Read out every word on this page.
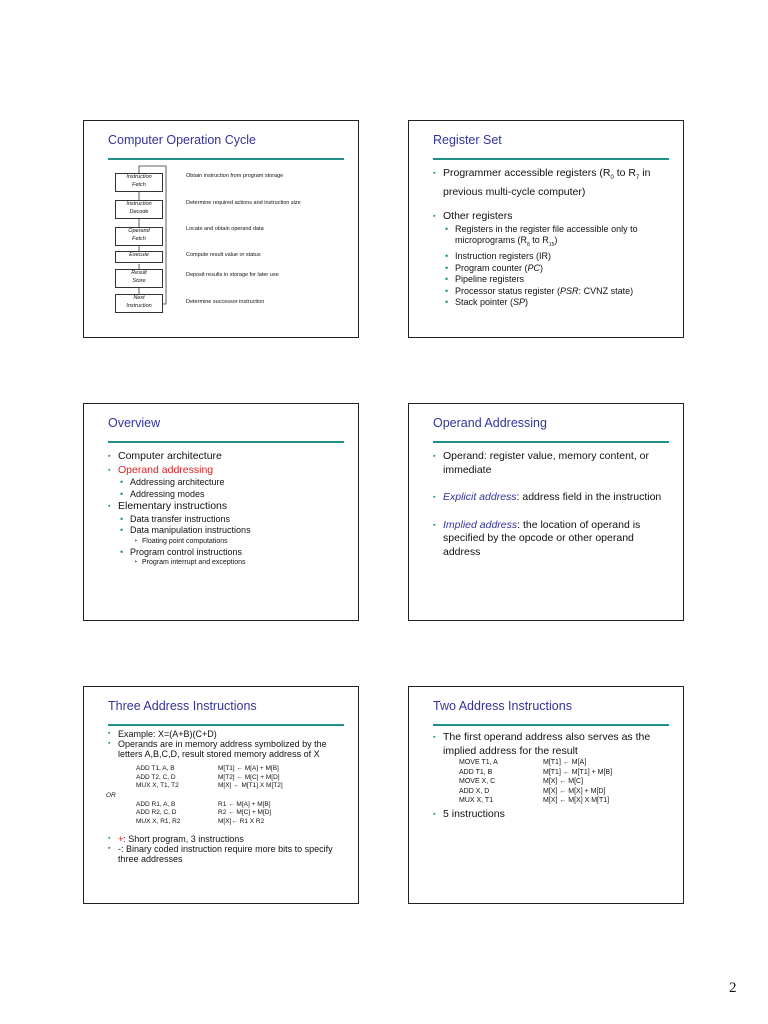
Computer Operation Cycle
Instruction
Fetch
Instruction
Decode
Operand
Fetch
Execute
Result
Store
Next
Instruction
Obtain instruction from program storage
Determine required actions and instruction size
Locate and obtain operand data
Compute result value or status
Deposit results in storage for later use
Determine successor instruction
Register Set
▪ Programmer accessible registers ($R_0$ to $R_7$ in previous multi-cycle computer)
▪ Other registers
• Registers in the register file accessible only to microprograms ($R_8$ to $R_{15}$)
• Instruction registers (IR)
• Program counter (PC)
• Pipeline registers
• Processor status register (PSR: CVNZ state)
• Stack pointer (SP)
Overview
▪ Computer architecture
▪ Operand addressing
• Addressing architecture
• Addressing modes
▪ Elementary instructions
• Data transfer instructions
• Data manipulation instructions
‣ Floating point computations
• Program control instructions
‣ Program interrupt and exceptions
Operand Addressing
▪ Operand: register value, memory content, or immediate
▪ Explicit address: address field in the instruction
▪ Implied address: the location of operand is specified by the opcode or other operand address
Three Address Instructions
▪ Example: X=(A+B)(C+D)
▪ Operands are in memory address symbolized by the letters A,B,C,D, result stored memory address of X
ADD T1, A, B	M[T1] ← M[A] + M[B]
ADD T2, C, D	M[T2] ← M[C] + M[D]
MUX X, T1, T2	M[X] ← M[T1] X M[T2]
OR
ADD R1, A, B	R1 ← M[A] + M[B]
ADD R2, C, D	R2 ← M[C] + M[D]
MUX X, R1, R2	M[X]← R1 X R2
▪ +: Short program, 3 instructions
▪ -: Binary coded instruction require more bits to specify three addresses
Two Address Instructions
▪ The first operand address also serves as the implied address for the result
MOVE T1, A	M[T1] ← M[A]
ADD T1, B	M[T1] ← M[T1] + M[B]
MOVE X, C	M[X] ← M[C]
ADD X, D	M[X] ← M[X] + M[D]
MUX X, T1	M[X] ← M[X] X M[T1]
▪ 5 instructions
2
